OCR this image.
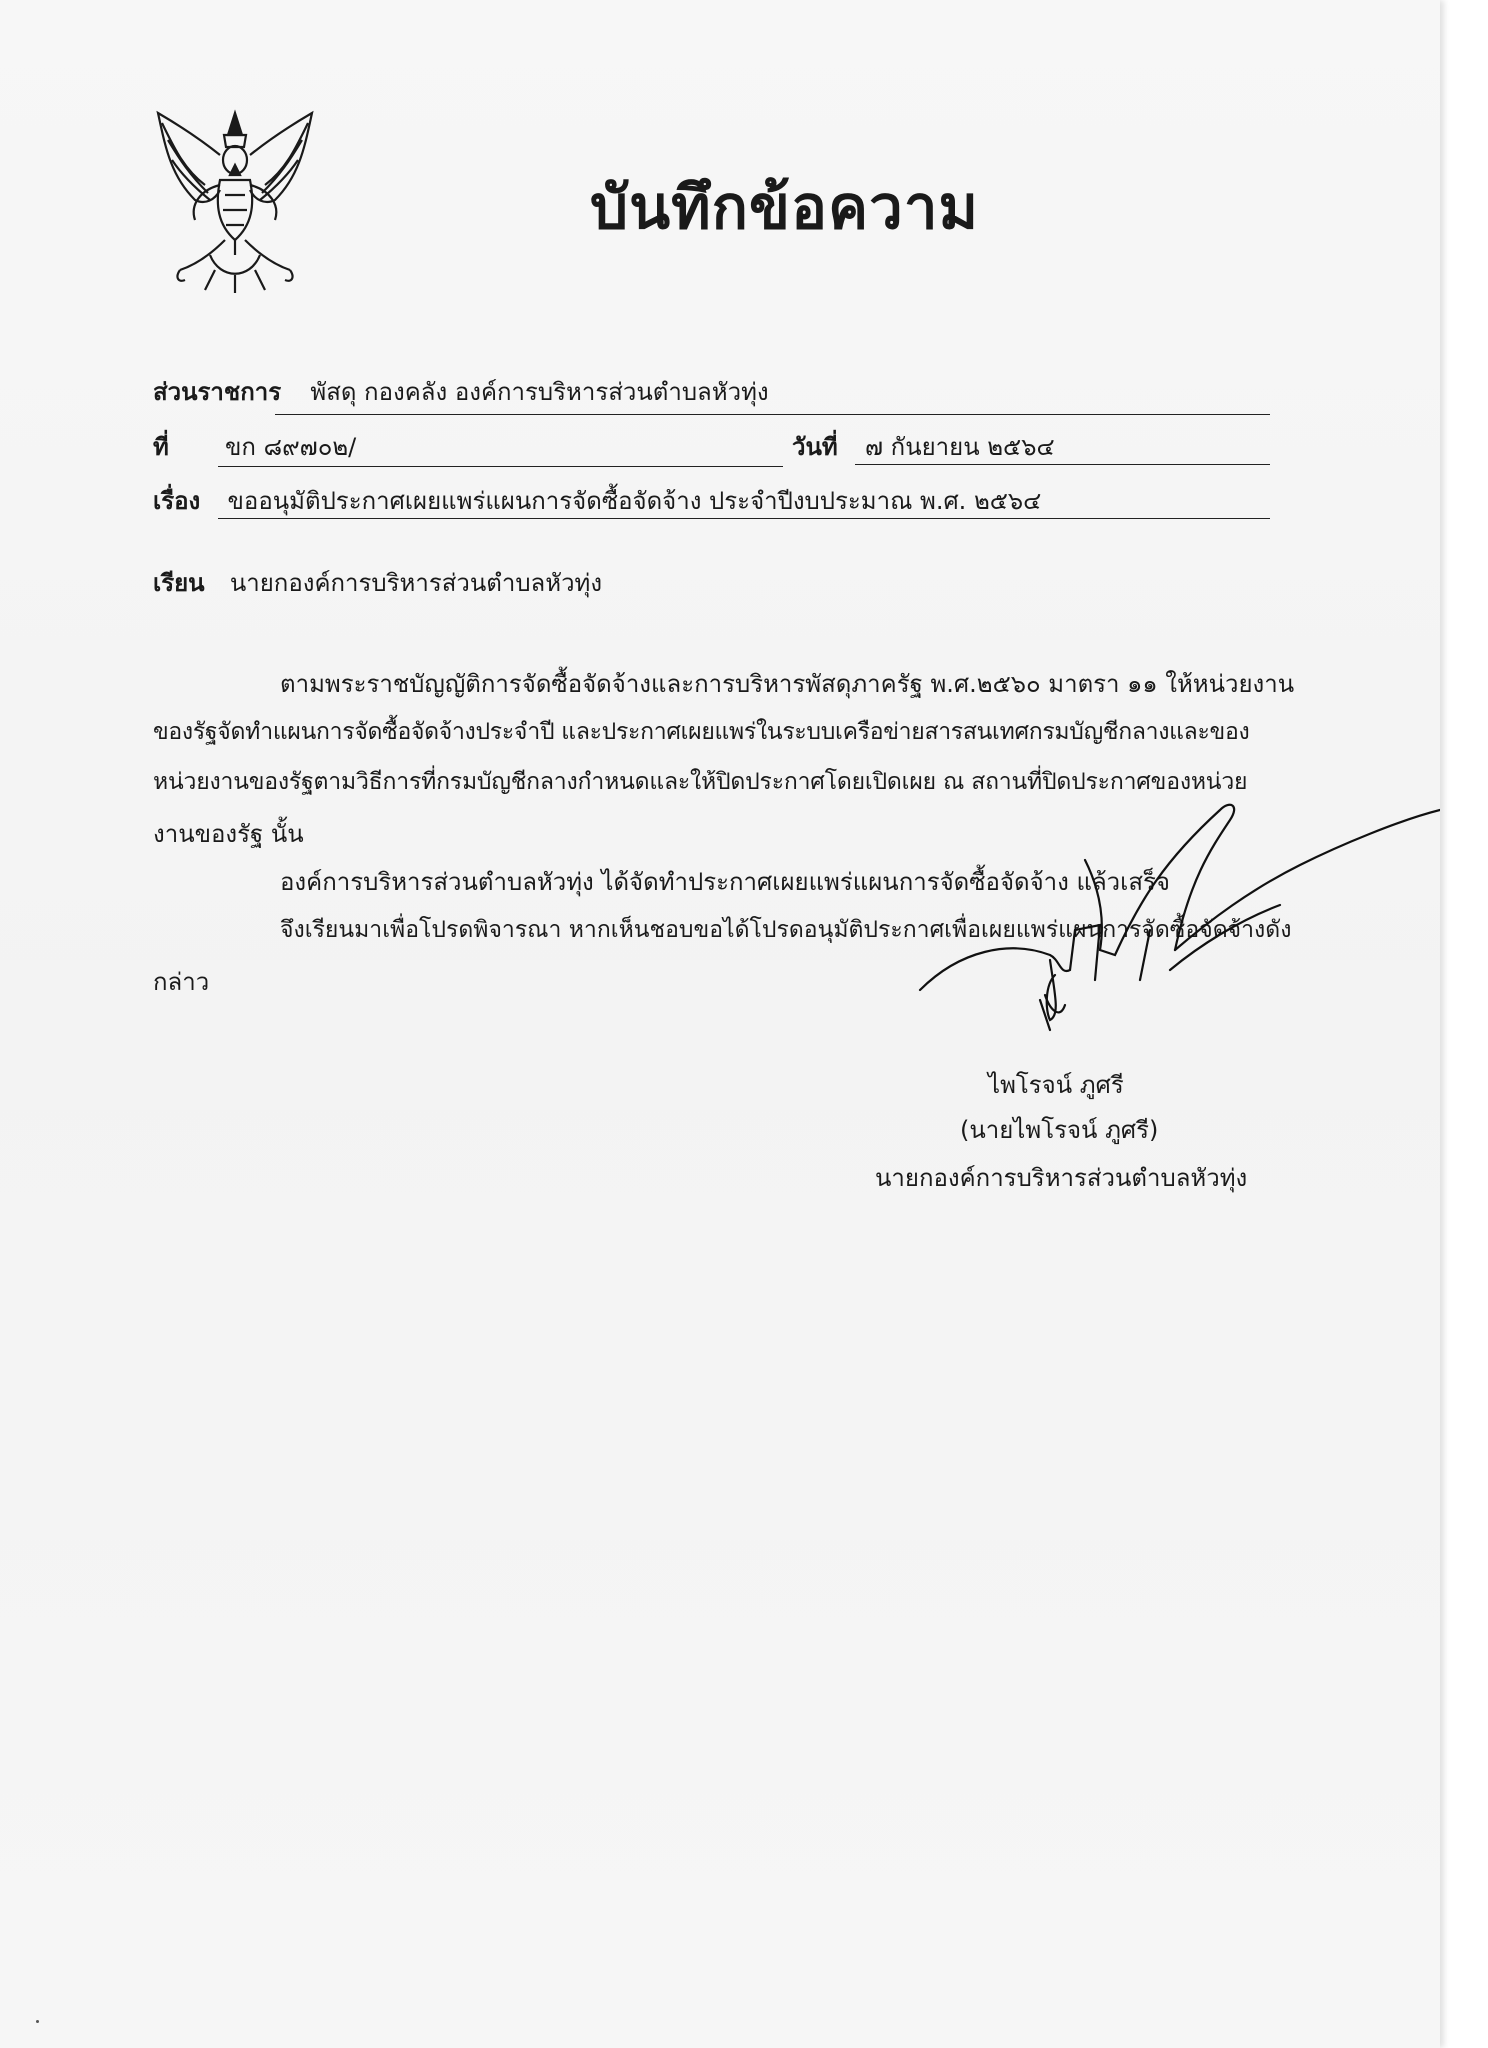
บันทึกข้อความ
ส่วนราชการ พัสดุ กองคลัง องค์การบริหารส่วนตำบลหัวทุ่ง
ที่ ขก ๘๙๗๐๒/	วันที่ ๗ กันยายน ๒๕๖๔
เรื่อง ขออนุมัติประกาศเผยแพร่แผนการจัดซื้อจัดจ้าง ประจำปีงบประมาณ พ.ศ. ๒๕๖๔
เรียน นายกองค์การบริหารส่วนตำบลหัวทุ่ง
ตามพระราชบัญญัติการจัดซื้อจัดจ้างและการบริหารพัสดุภาครัฐ พ.ศ.๒๕๖๐ มาตรา ๑๑ ให้หน่วยงาน
ของรัฐจัดทำแผนการจัดซื้อจัดจ้างประจำปี และประกาศเผยแพร่ในระบบเครือข่ายสารสนเทศกรมบัญชีกลางและของ
หน่วยงานของรัฐตามวิธีการที่กรมบัญชีกลางกำหนดและให้ปิดประกาศโดยเปิดเผย ณ สถานที่ปิดประกาศของหน่วย
งานของรัฐ นั้น
องค์การบริหารส่วนตำบลหัวทุ่ง ได้จัดทำประกาศเผยแพร่แผนการจัดซื้อจัดจ้าง แล้วเสร็จ
จึงเรียนมาเพื่อโปรดพิจารณา หากเห็นชอบขอได้โปรดอนุมัติประกาศเพื่อเผยแพร่แผนการจัดซื้อจัดจ้างดัง
กล่าว
ไพโรจน์ ภูศรี
(นายไพโรจน์ ภูศรี)
นายกองค์การบริหารส่วนตำบลหัวทุ่ง
